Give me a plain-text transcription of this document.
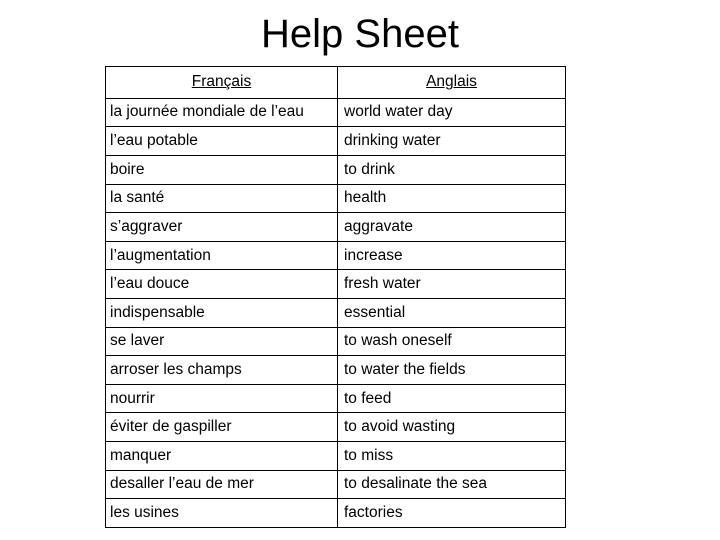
Help Sheet
Français	Anglais
la journée mondiale de l’eau	world water day
l’eau potable	drinking water
boire	to drink
la santé	health
s’aggraver	aggravate
l’augmentation	increase
l’eau douce	fresh water
indispensable	essential
se laver	to wash oneself
arroser les champs	to water the fields
nourrir	to feed
éviter de gaspiller	to avoid wasting
manquer	to miss
desaller l’eau de mer	to desalinate the sea
les usines	factories
